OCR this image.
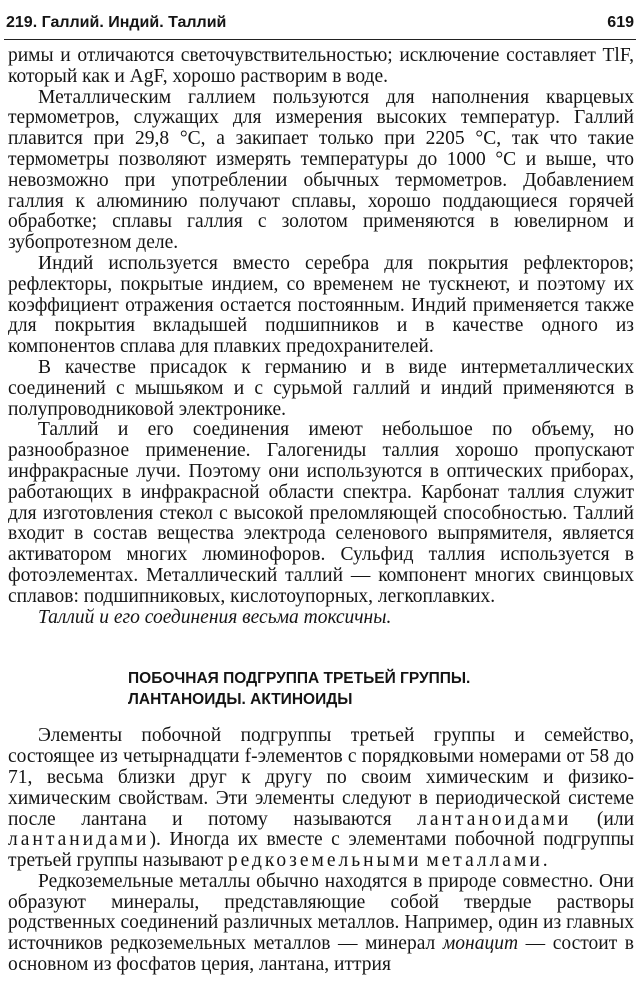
219. Галлий. Индий. Таллий	619

римы и отличаются светочувствительностью; исключение составляет TlF, который как и AgF, хорошо растворим в воде.

Металлическим галлием пользуются для наполнения кварцевых термометров, служащих для измерения высоких температур. Галлий плавится при 29,8 °C, а закипает только при 2205 °C, так что такие термометры позволяют измерять температуры до 1000 °C и выше, что невозможно при употреблении обычных термометров. Добавлением галлия к алюминию получают сплавы, хорошо поддающиеся горячей обработке; сплавы галлия с золотом применяются в ювелирном и зубопротезном деле.

Индий используется вместо серебра для покрытия рефлекторов; рефлекторы, покрытые индием, со временем не тускнеют, и поэтому их коэффициент отражения остается постоянным. Индий применяется также для покрытия вкладышей подшипников и в качестве одного из компонентов сплава для плавких предохранителей.

В качестве присадок к германию и в виде интерметаллических соединений с мышьяком и с сурьмой галлий и индий применяются в полупроводниковой электронике.

Таллий и его соединения имеют небольшое по объему, но разнообразное применение. Галогениды таллия хорошо пропускают инфракрасные лучи. Поэтому они используются в оптических приборах, работающих в инфракрасной области спектра. Карбонат таллия служит для изготовления стекол с высокой преломляющей способностью. Таллий входит в состав вещества электрода селенового выпрямителя, является активатором многих люминофоров. Сульфид таллия используется в фотоэлементах. Металлический таллий — компонент многих свинцовых сплавов: подшипниковых, кислотоупорных, легкоплавких.

Таллий и его соединения весьма токсичны.

ПОБОЧНАЯ ПОДГРУППА ТРЕТЬЕЙ ГРУППЫ.
ЛАНТАНОИДЫ. АКТИНОИДЫ

Элементы побочной подгруппы третьей группы и семейство, состоящее из четырнадцати f-элементов с порядковыми номерами от 58 до 71, весьма близки друг к другу по своим химическим и физико-химическим свойствам. Эти элементы следуют в периодической системе после лантана и потому называются лантаноидами (или лантанидами). Иногда их вместе с элементами побочной подгруппы третьей группы называют редкоземельными металлами.

Редкоземельные металлы обычно находятся в природе совместно. Они образуют минералы, представляющие собой твердые растворы родственных соединений различных металлов. Например, один из главных источников редкоземельных металлов — минерал монацит — состоит в основном из фосфатов церия, лантана, иттрия
